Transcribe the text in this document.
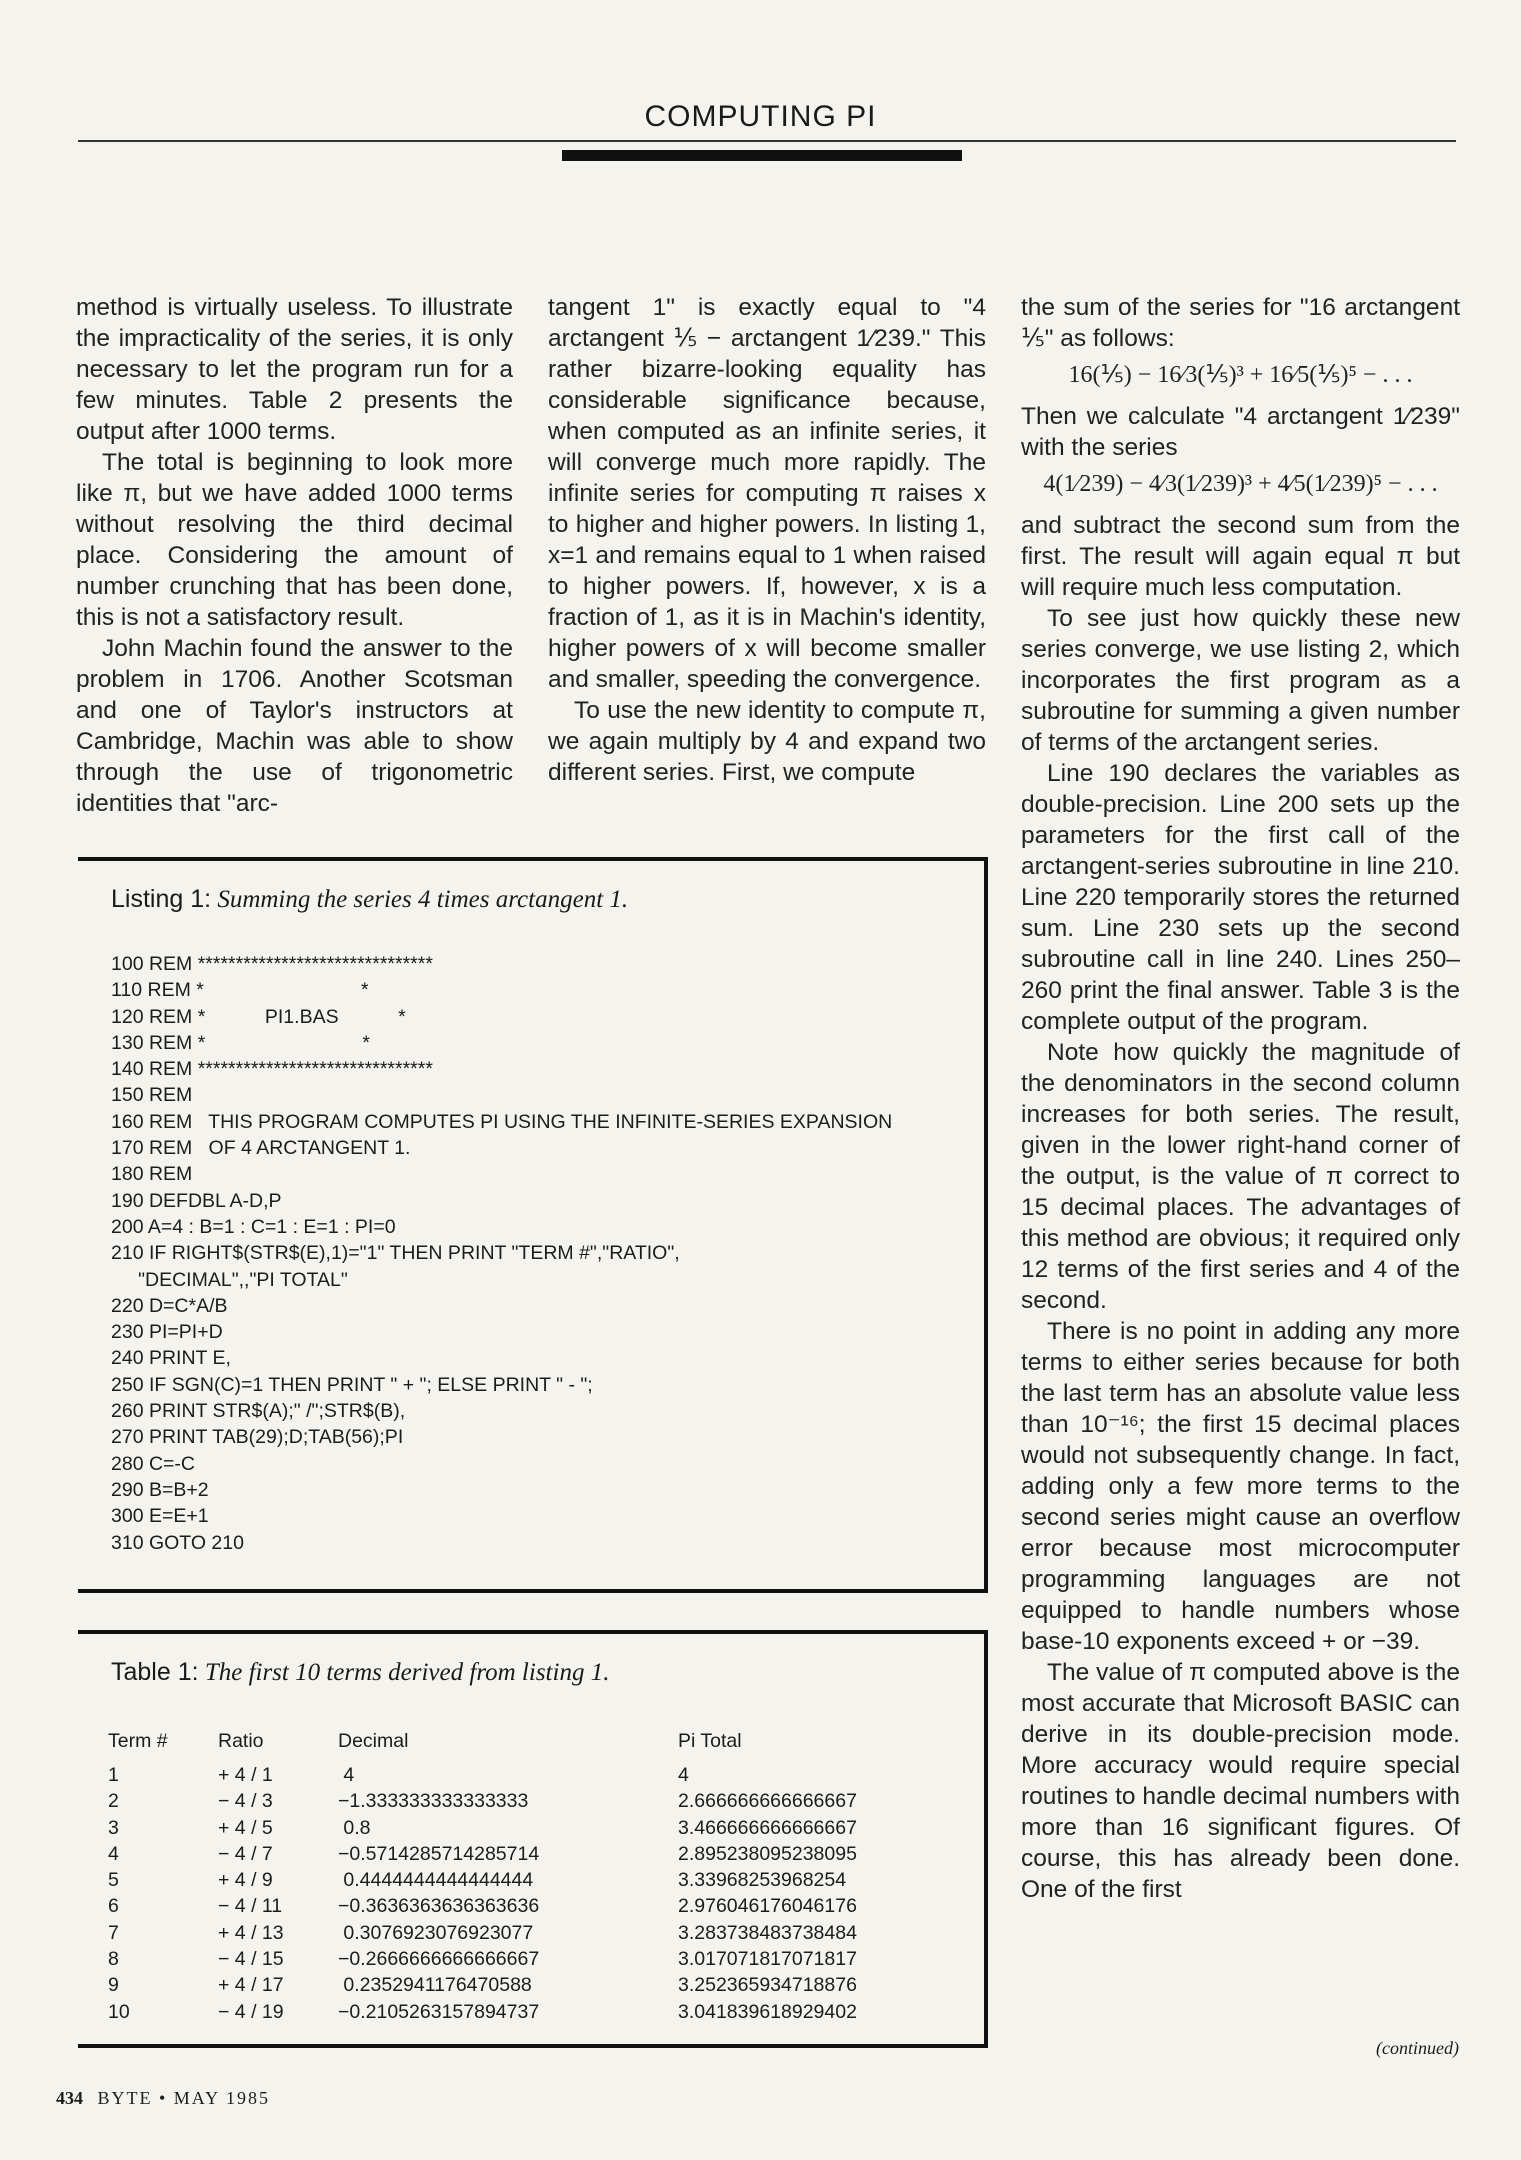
COMPUTING PI

method is virtually useless. To illustrate the impracticality of the series, it is only necessary to let the program run for a few minutes. Table 2 presents the output after 1000 terms.

The total is beginning to look more like π, but we have added 1000 terms without resolving the third decimal place. Considering the amount of number crunching that has been done, this is not a satisfactory result.

John Machin found the answer to the problem in 1706. Another Scotsman and one of Taylor's instructors at Cambridge, Machin was able to show through the use of trigonometric identities that "arc-

tangent 1" is exactly equal to "4 arctangent ⅕ − arctangent 1⁄239." This rather bizarre-looking equality has considerable significance because, when computed as an infinite series, it will converge much more rapidly. The infinite series for computing π raises x to higher and higher powers. In listing 1, x=1 and remains equal to 1 when raised to higher powers. If, however, x is a fraction of 1, as it is in Machin's identity, higher powers of x will become smaller and smaller, speeding the convergence.

To use the new identity to compute π, we again multiply by 4 and expand two different series. First, we compute

the sum of the series for "16 arctangent ⅕" as follows:

16(⅕) − 16⁄3(⅕)³ + 16⁄5(⅕)⁵ − . . .

Then we calculate "4 arctangent 1⁄239" with the series

4(1⁄239) − 4⁄3(1⁄239)³ + 4⁄5(1⁄239)⁵ − . . .

and subtract the second sum from the first. The result will again equal π but will require much less computation.

To see just how quickly these new series converge, we use listing 2, which incorporates the first program as a subroutine for summing a given number of terms of the arctangent series.

Line 190 declares the variables as double-precision. Line 200 sets up the parameters for the first call of the arctangent-series subroutine in line 210. Line 220 temporarily stores the returned sum. Line 230 sets up the second subroutine call in line 240. Lines 250–260 print the final answer. Table 3 is the complete output of the program.

Note how quickly the magnitude of the denominators in the second column increases for both series. The result, given in the lower right-hand corner of the output, is the value of π correct to 15 decimal places. The advantages of this method are obvious; it required only 12 terms of the first series and 4 of the second.

There is no point in adding any more terms to either series because for both the last term has an absolute value less than 10⁻¹⁶; the first 15 decimal places would not subsequently change. In fact, adding only a few more terms to the second series might cause an overflow error because most microcomputer programming languages are not equipped to handle numbers whose base-10 exponents exceed + or −39.

The value of π computed above is the most accurate that Microsoft BASIC can derive in its double-precision mode. More accuracy would require special routines to handle decimal numbers with more than 16 significant figures. Of course, this has already been done. One of the first

(continued)
Listing 1: Summing the series 4 times arctangent 1.
100 REM *******************************
110 REM *                             *
120 REM *           PI1.BAS           *
130 REM *                             *
140 REM *******************************
150 REM
160 REM   THIS PROGRAM COMPUTES PI USING THE INFINITE-SERIES EXPANSION
170 REM   OF 4 ARCTANGENT 1.
180 REM
190 DEFDBL A-D,P
200 A=4 : B=1 : C=1 : E=1 : PI=0
210 IF RIGHT$(STR$(E),1)="1" THEN PRINT "TERM #","RATIO",
"DECIMAL",,"PI TOTAL"
220 D=C*A/B
230 PI=PI+D
240 PRINT E,
250 IF SGN(C)=1 THEN PRINT " + "; ELSE PRINT " - ";
260 PRINT STR$(A);" /";STR$(B),
270 PRINT TAB(29);D;TAB(56);PI
280 C=-C
290 B=B+2
300 E=E+1
310 GOTO 210
Table 1: The first 10 terms derived from listing 1.
Term #	Ratio	Decimal	Pi Total
1	+ 4 / 1	4	4
2	− 4 / 3	−1.333333333333333	2.666666666666667
3	+ 4 / 5	0.8	3.466666666666667
4	− 4 / 7	−0.5714285714285714	2.895238095238095
5	+ 4 / 9	0.4444444444444444	3.33968253968254
6	− 4 / 11	−0.3636363636363636	2.976046176046176
7	+ 4 / 13	0.3076923076923077	3.283738483738484
8	− 4 / 15	−0.2666666666666667	3.017071817071817
9	+ 4 / 17	0.2352941176470588	3.252365934718876
10	− 4 / 19	−0.2105263157894737	3.041839618929402
434 BYTE • MAY 1985
